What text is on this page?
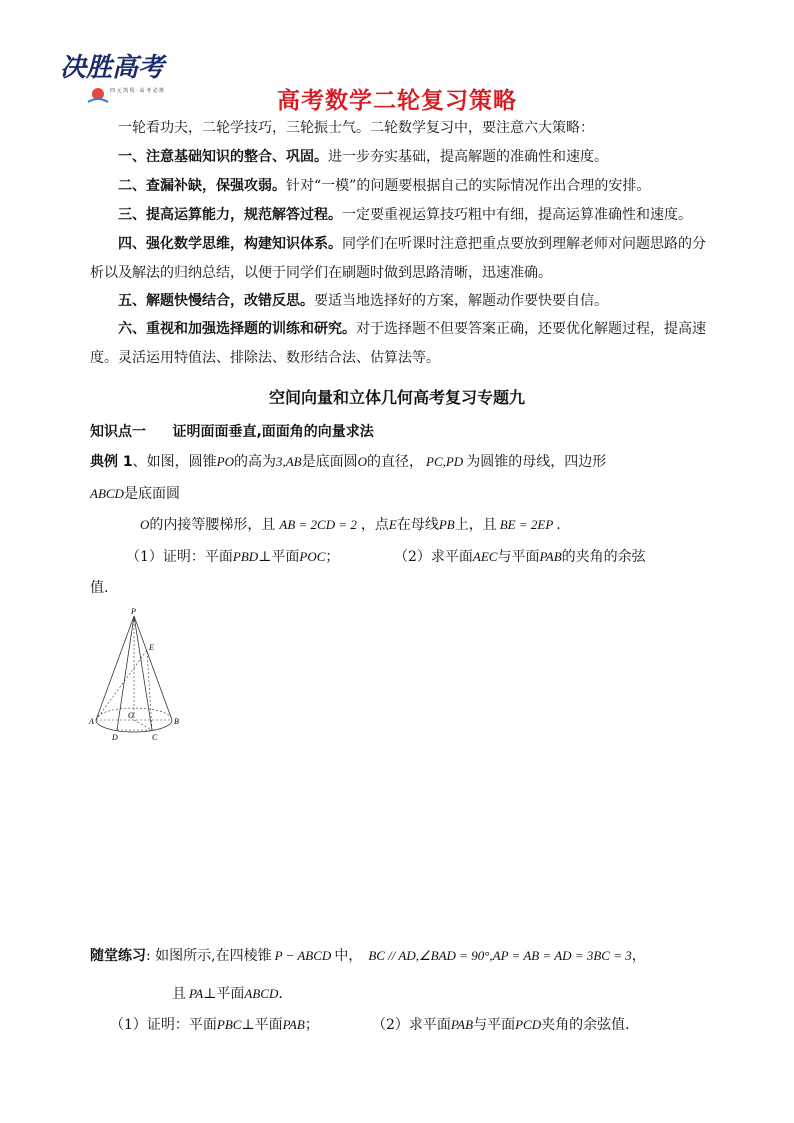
决胜高考
四 元 凯 程 · 高 考 必 胜	高考数学二轮复习策略
一轮看功夫，二轮学技巧，三轮振士气。二轮数学复习中，要注意六大策略：
一、注意基础知识的整合、巩固。进一步夯实基础，提高解题的准确性和速度。
二、查漏补缺，保强攻弱。针对“一模”的问题要根据自己的实际情况作出合理的安排。
三、提高运算能力，规范解答过程。一定要重视运算技巧粗中有细，提高运算准确性和速度。
四、强化数学思维，构建知识体系。同学们在听课时注意把重点要放到理解老师对问题思路的分析以及解法的归纳总结，以便于同学们在刷题时做到思路清晰，迅速准确。
五、解题快慢结合，改错反思。要适当地选择好的方案，解题动作要快要自信。
六、重视和加强选择题的训练和研究。对于选择题不但要答案正确，还要优化解题过程，提高速度。灵活运用特值法、排除法、数形结合法、估算法等。
空间向量和立体几何高考复习专题九
知识点一 证明面面垂直,面面角的向量求法
典例 1、如图，圆锥PO的高为3,AB是底面圆O的直径， PC,PD 为圆锥的母线，四边形
ABCD是底面圆
O的内接等腰梯形，且 AB = 2CD = 2 ，点E在母线PB上，且 BE = 2EP .
（1）证明：平面PBD⊥平面POC；	（2）求平面AEC与平面PAB的夹角的余弦
值.
P
E
A	B
O
D	C
随堂练习: 如图所示,在四棱锥 P − ABCD 中， BC // AD,∠BAD = 90°,AP = AB = AD = 3BC = 3，
且 PA⊥平面ABCD.
（1）证明：平面PBC⊥平面PAB；	（2）求平面PAB与平面PCD夹角的余弦值.
